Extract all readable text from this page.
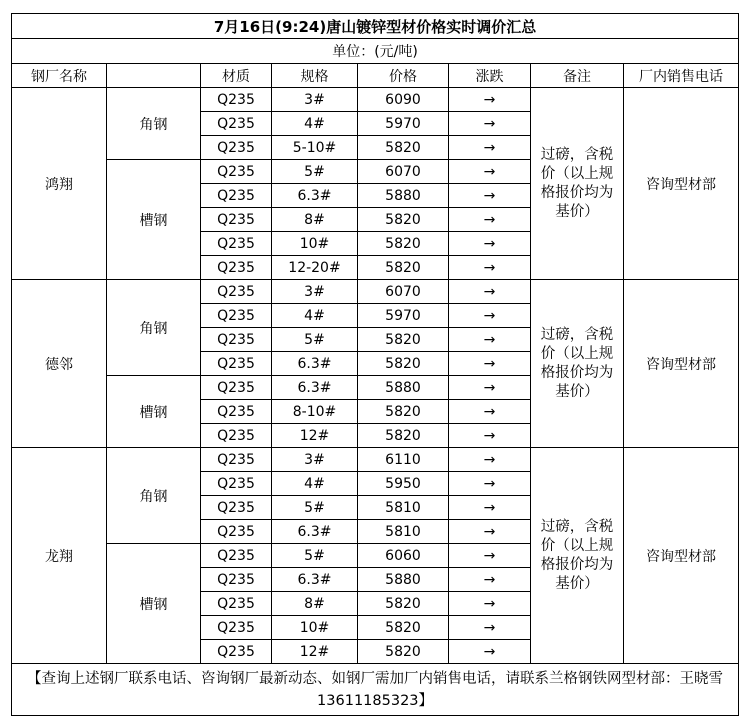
7月16日(9:24)唐山镀锌型材价格实时调价汇总							
单位：(元/吨)							
钢厂名称		材质	规格	价格	涨跌	备注	厂内销售电话
鸿翔	角钢	Q235	3#	6090	→	过磅，含税价（以上规格报价均为基价）	咨询型材部
		Q235	4#	5970	→		
		Q235	5-10#	5820	→		
	槽钢	Q235	5#	6070	→		
		Q235	6.3#	5880	→		
		Q235	8#	5820	→		
		Q235	10#	5820	→		
		Q235	12-20#	5820	→		
德邻	角钢	Q235	3#	6070	→	过磅，含税价（以上规格报价均为基价）	咨询型材部
		Q235	4#	5970	→		
		Q235	5#	5820	→		
		Q235	6.3#	5820	→		
	槽钢	Q235	6.3#	5880	→		
		Q235	8-10#	5820	→		
		Q235	12#	5820	→		
龙翔	角钢	Q235	3#	6110	→	过磅，含税价（以上规格报价均为基价）	咨询型材部
		Q235	4#	5950	→		
		Q235	5#	5810	→		
		Q235	6.3#	5810	→		
	槽钢	Q235	5#	6060	→		
		Q235	6.3#	5880	→		
		Q235	8#	5820	→		
		Q235	10#	5820	→		
		Q235	12#	5820	→		
【查询上述钢厂联系电话、咨询钢厂最新动态、如钢厂需加厂内销售电话，请联系兰格钢铁网型材部：王晓雪13611185323】							
